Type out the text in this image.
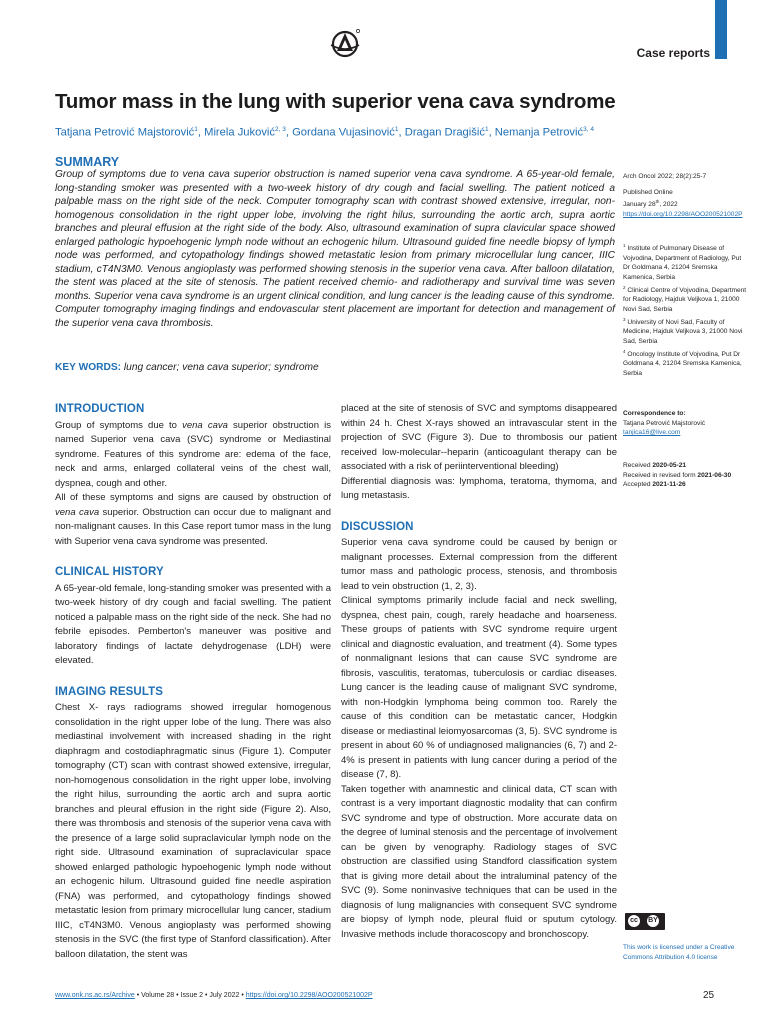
Case reports
Tumor mass in the lung with superior vena cava syndrome
Tatjana Petrović Majstorović$^1$, Mirela Juković$^{2, 3}$, Gordana Vujasinović$^1$, Dragan Dragišić$^1$, Nemanja Petrović$^{3, 4}$
SUMMARY

Group of symptoms due to vena cava superior obstruction is named superior vena cava syndrome. A 65-year-old female, long-standing smoker was presented with a two-week history of dry cough and facial swelling. The patient noticed a palpable mass on the right side of the neck. Computer tomography scan with contrast showed extensive, irregular, non-homogenous consolidation in the right upper lobe, involving the right hilus, surrounding the aortic arch, supra aortic branches and pleural effusion at the right side of the body. Also, ultrasound examination of supra clavicular space showed enlarged pathologic hypoehogenic lymph node without an echogenic hilum. Ultrasound guided fine needle biopsy of lymph node was performed, and cytopathology findings showed metastatic lesion from primary microcellular lung cancer, IIIC stadium, cT4N3M0. Venous angioplasty was performed showing stenosis in the superior vena cava. After balloon dilatation, the stent was placed at the site of stenosis. The patient received chemio- and radiotherapy and survival time was seven months. Superior vena cava syndrome is an urgent clinical condition, and lung cancer is the leading cause of this syndrome. Computer tomography imaging findings and endovascular stent placement are important for detection and management of the superior vena cava thrombosis.

KEY WORDS: lung cancer; vena cava superior; syndrome
INTRODUCTION

Group of symptoms due to vena cava superior obstruction is named Superior vena cava (SVC) syndrome or Mediastinal syndrome. Features of this syndrome are: edema of the face, neck and arms, enlarged collateral veins of the chest wall, dyspnea, cough and other.

All of these symptoms and signs are caused by obstruction of vena cava superior. Obstruction can occur due to malignant and non-malignant causes. In this Case report tumor mass in the lung with Superior vena cava syndrome was presented.

CLINICAL HISTORY

A 65-year-old female, long-standing smoker was presented with a two-week history of dry cough and facial swelling. The patient noticed a palpable mass on the right side of the neck. She had no febrile episodes. Pemberton's maneuver was positive and laboratory findings of lactate dehydrogenase (LDH) were elevated.

IMAGING RESULTS

Chest X- rays radiograms showed irregular homogenous consolidation in the right upper lobe of the lung. There was also mediastinal involvement with increased shading in the right diaphragm and costodiaphragmatic sinus (Figure 1). Computer tomography (CT) scan with contrast showed extensive, irregular, non-homogenous consolidation in the right upper lobe, involving the right hilus, surrounding the aortic arch and supra aortic branches and pleural effusion in the right side (Figure 2). Also, there was thrombosis and stenosis of the superior vena cava with the presence of a large solid supraclavicular lymph node on the right side. Ultrasound examination of supraclavicular space showed enlarged pathologic hypoehogenic lymph node without an echogenic hilum. Ultrasound guided fine needle aspiration (FNA) was performed, and cytopathology findings showed metastatic lesion from primary microcellular lung cancer, stadium IIIC, cT4N3M0. Venous angioplasty was performed showing stenosis in the SVC (the first type of Stanford classification). After balloon dilatation, the stent was

placed at the site of stenosis of SVC and symptoms disappeared within 24 h. Chest X-rays showed an intravascular stent in the projection of SVC (Figure 3). Due to thrombosis our patient received low-molecular--heparin (anticoagulant therapy can be associated with a risk of periinterventional bleeding)

Differential diagnosis was: lymphoma, teratoma, thymoma, and lung metastasis.

DISCUSSION

Superior vena cava syndrome could be caused by benign or malignant processes. External compression from the different tumor mass and pathologic process, stenosis, and thrombosis lead to vein obstruction (1, 2, 3).

Clinical symptoms primarily include facial and neck swelling, dyspnea, chest pain, cough, rarely headache and hoarseness. These groups of patients with SVC syndrome require urgent clinical and diagnostic evaluation, and treatment (4). Some types of nonmalignant lesions that can cause SVC syndrome are fibrosis, vasculitis, teratomas, tuberculosis or cardiac diseases. Lung cancer is the leading cause of malignant SVC syndrome, with non-Hodgkin lymphoma being common too. Rarely the cause of this condition can be metastatic cancer, Hodgkin disease or mediastinal leiomyosarcomas (3, 5). SVC syndrome is present in about 60 % of undiagnosed malignancies (6, 7) and 2-4% is present in patients with lung cancer during a period of the disease (7, 8).

Taken together with anamnestic and clinical data, CT scan with contrast is a very important diagnostic modality that can confirm SVC syndrome and type of obstruction. More accurate data on the degree of luminal stenosis and the percentage of involvement can be given by venography. Radiology stages of SVC obstruction are classified using Standford classification system that is giving more detail about the intraluminal patency of the SVC (9). Some noninvasive techniques that can be used in the diagnosis of lung malignancies with consequent SVC syndrome are biopsy of lymph node, pleural fluid or sputum cytology. Invasive methods include thoracoscopy and bronchoscopy.

Arch Oncol 2022; 28(2):25-7
Published Online
January 28th, 2022
https://doi.org/10.2298/AOO200521002P
$^1$ Institute of Pulmonary Disease of Vojvodina, Department of Radiology, Put Dr Goldmana 4, 21204 Sremska Kamenica, Serbia
$^2$ Clinical Centre of Vojvodina, Department for Radiology, Hajduk Veljkova 1, 21000 Novi Sad, Serbia
$^3$ University of Novi Sad, Faculty of Medicine, Hajduk Veljkova 3, 21000 Novi Sad, Serbia
$^4$ Oncology Institute of Vojvodina, Put Dr Goldmana 4, 21204 Sremska Kamenica, Serbia
Correspondence to:
Tatjana Petrović Majstorović
tanjica16@live.com
Received 2020-05-21
Received in revised form 2021-06-30
Accepted 2021-11-26
cc	BY
This work is licensed under a Creative Commons Attribution 4.0 license
www.onk.ns.ac.rs/Archive • Volume 28 • Issue 2 • July 2022 • https://doi.org/10.2298/AOO200521002P	25
